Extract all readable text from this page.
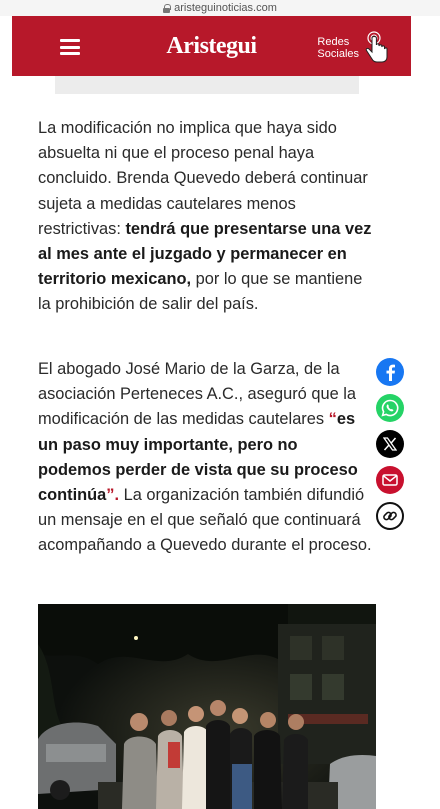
aristeguinoticias.com
Aristegui	Redes
Sociales

La modificación no implica que haya sido absuelta ni que el proceso penal haya concluido. Brenda Quevedo deberá continuar sujeta a medidas cautelares menos restrictivas: tendrá que presentarse una vez al mes ante el juzgado y permanecer en territorio mexicano, por lo que se mantiene la prohibición de salir del país.

El abogado José Mario de la Garza, de la asociación Perteneces A.C., aseguró que la modificación de las medidas cautelares “es un paso muy importante, pero no podemos perder de vista que su proceso continúa”. La organización también difundió un mensaje en el que señaló que continuará acompañando a Quevedo durante el proceso.
